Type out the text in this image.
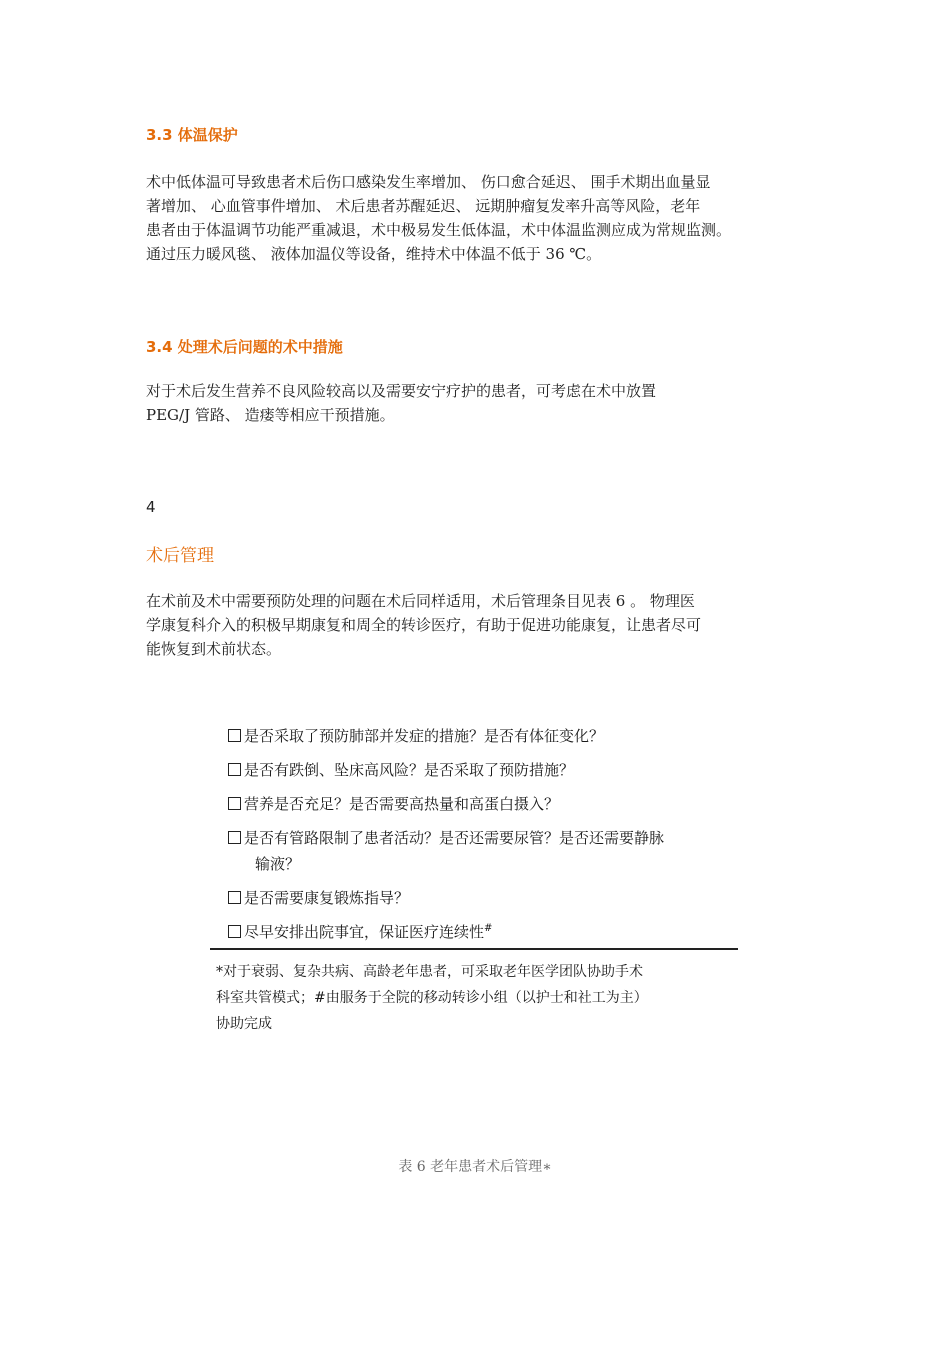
3.3 体温保护
术中低体温可导致患者术后伤口感染发生率增加、 伤口愈合延迟、 围手术期出血量显
著增加、 心血管事件增加、 术后患者苏醒延迟、 远期肿瘤复发率升高等风险，老年
患者由于体温调节功能严重减退，术中极易发生低体温，术中体温监测应成为常规监测。
通过压力暖风毯、 液体加温仪等设备，维持术中体温不低于 36 ℃。
3.4 处理术后问题的术中措施
对于术后发生营养不良风险较高以及需要安宁疗护的患者，可考虑在术中放置
PEG/J 管路、 造瘘等相应干预措施。
4
术后管理
在术前及术中需要预防处理的问题在术后同样适用，术后管理条目见表 6 。 物理医
学康复科介入的积极早期康复和周全的转诊医疗，有助于促进功能康复，让患者尽可
能恢复到术前状态。
是否采取了预防肺部并发症的措施？是否有体征变化？
是否有跌倒、坠床高风险？是否采取了预防措施？
营养是否充足？是否需要高热量和高蛋白摄入？
是否有管路限制了患者活动？是否还需要尿管？是否还需要静脉
输液？
是否需要康复锻炼指导？
尽早安排出院事宜，保证医疗连续性#
*对于衰弱、复杂共病、高龄老年患者，可采取老年医学团队协助手术
科室共管模式；#由服务于全院的移动转诊小组（以护士和社工为主）
协助完成
表 6 老年患者术后管理∗
